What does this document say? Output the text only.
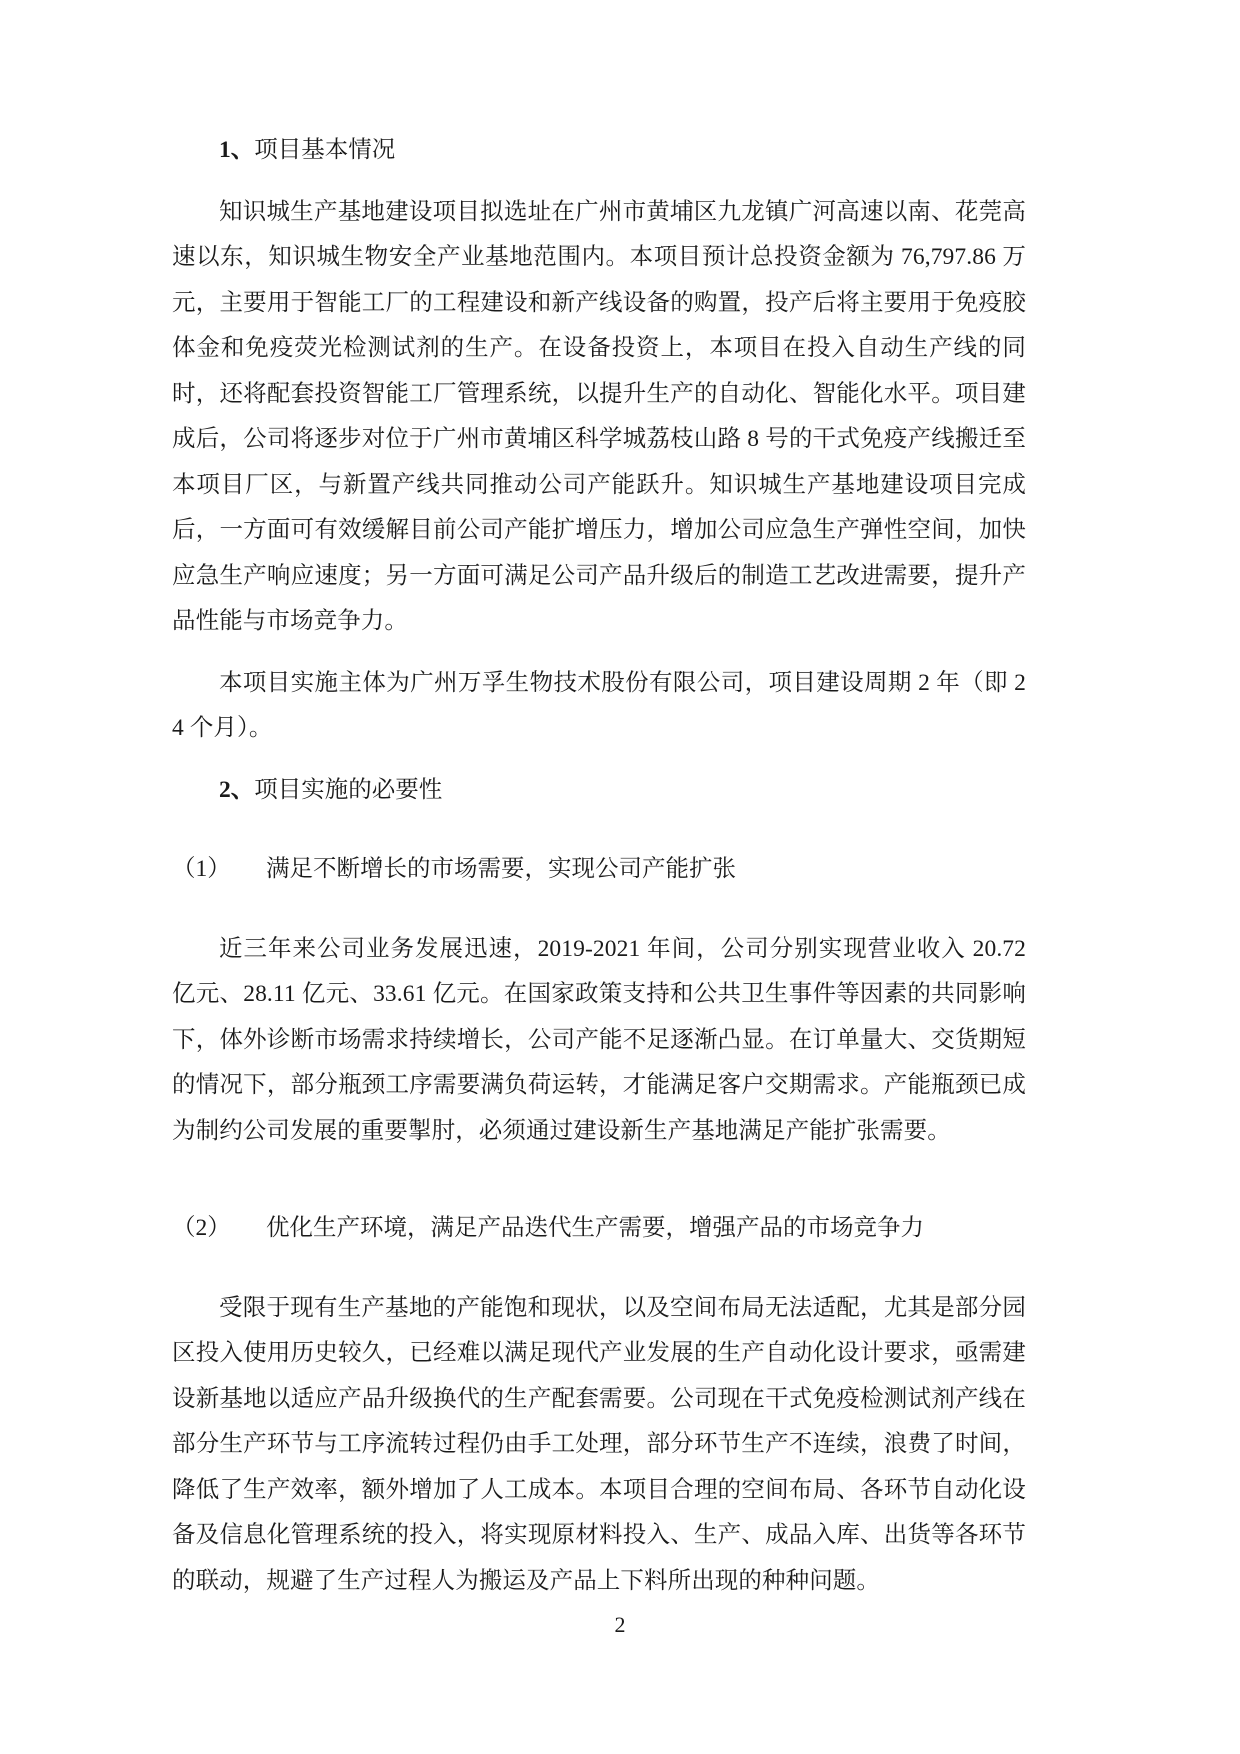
1、项目基本情况

知识城生产基地建设项目拟选址在广州市黄埔区九龙镇广河高速以南、花莞高速以东，知识城生物安全产业基地范围内。本项目预计总投资金额为 76,797.86 万元，主要用于智能工厂的工程建设和新产线设备的购置，投产后将主要用于免疫胶体金和免疫荧光检测试剂的生产。在设备投资上，本项目在投入自动生产线的同时，还将配套投资智能工厂管理系统，以提升生产的自动化、智能化水平。项目建成后，公司将逐步对位于广州市黄埔区科学城荔枝山路 8 号的干式免疫产线搬迁至本项目厂区，与新置产线共同推动公司产能跃升。知识城生产基地建设项目完成后，一方面可有效缓解目前公司产能扩增压力，增加公司应急生产弹性空间，加快应急生产响应速度；另一方面可满足公司产品升级后的制造工艺改进需要，提升产品性能与市场竞争力。

本项目实施主体为广州万孚生物技术股份有限公司，项目建设周期 2 年（即 24 个月）。

2、项目实施的必要性

（1）　　满足不断增长的市场需要，实现公司产能扩张

近三年来公司业务发展迅速，2019-2021 年间，公司分别实现营业收入 20.72 亿元、28.11 亿元、33.61 亿元。在国家政策支持和公共卫生事件等因素的共同影响下，体外诊断市场需求持续增长，公司产能不足逐渐凸显。在订单量大、交货期短的情况下，部分瓶颈工序需要满负荷运转，才能满足客户交期需求。产能瓶颈已成为制约公司发展的重要掣肘，必须通过建设新生产基地满足产能扩张需要。

（2）　　优化生产环境，满足产品迭代生产需要，增强产品的市场竞争力

受限于现有生产基地的产能饱和现状，以及空间布局无法适配，尤其是部分园区投入使用历史较久，已经难以满足现代产业发展的生产自动化设计要求，亟需建设新基地以适应产品升级换代的生产配套需要。公司现在干式免疫检测试剂产线在部分生产环节与工序流转过程仍由手工处理，部分环节生产不连续，浪费了时间，降低了生产效率，额外增加了人工成本。本项目合理的空间布局、各环节自动化设备及信息化管理系统的投入，将实现原材料投入、生产、成品入库、出货等各环节的联动，规避了生产过程人为搬运及产品上下料所出现的种种问题。

2
